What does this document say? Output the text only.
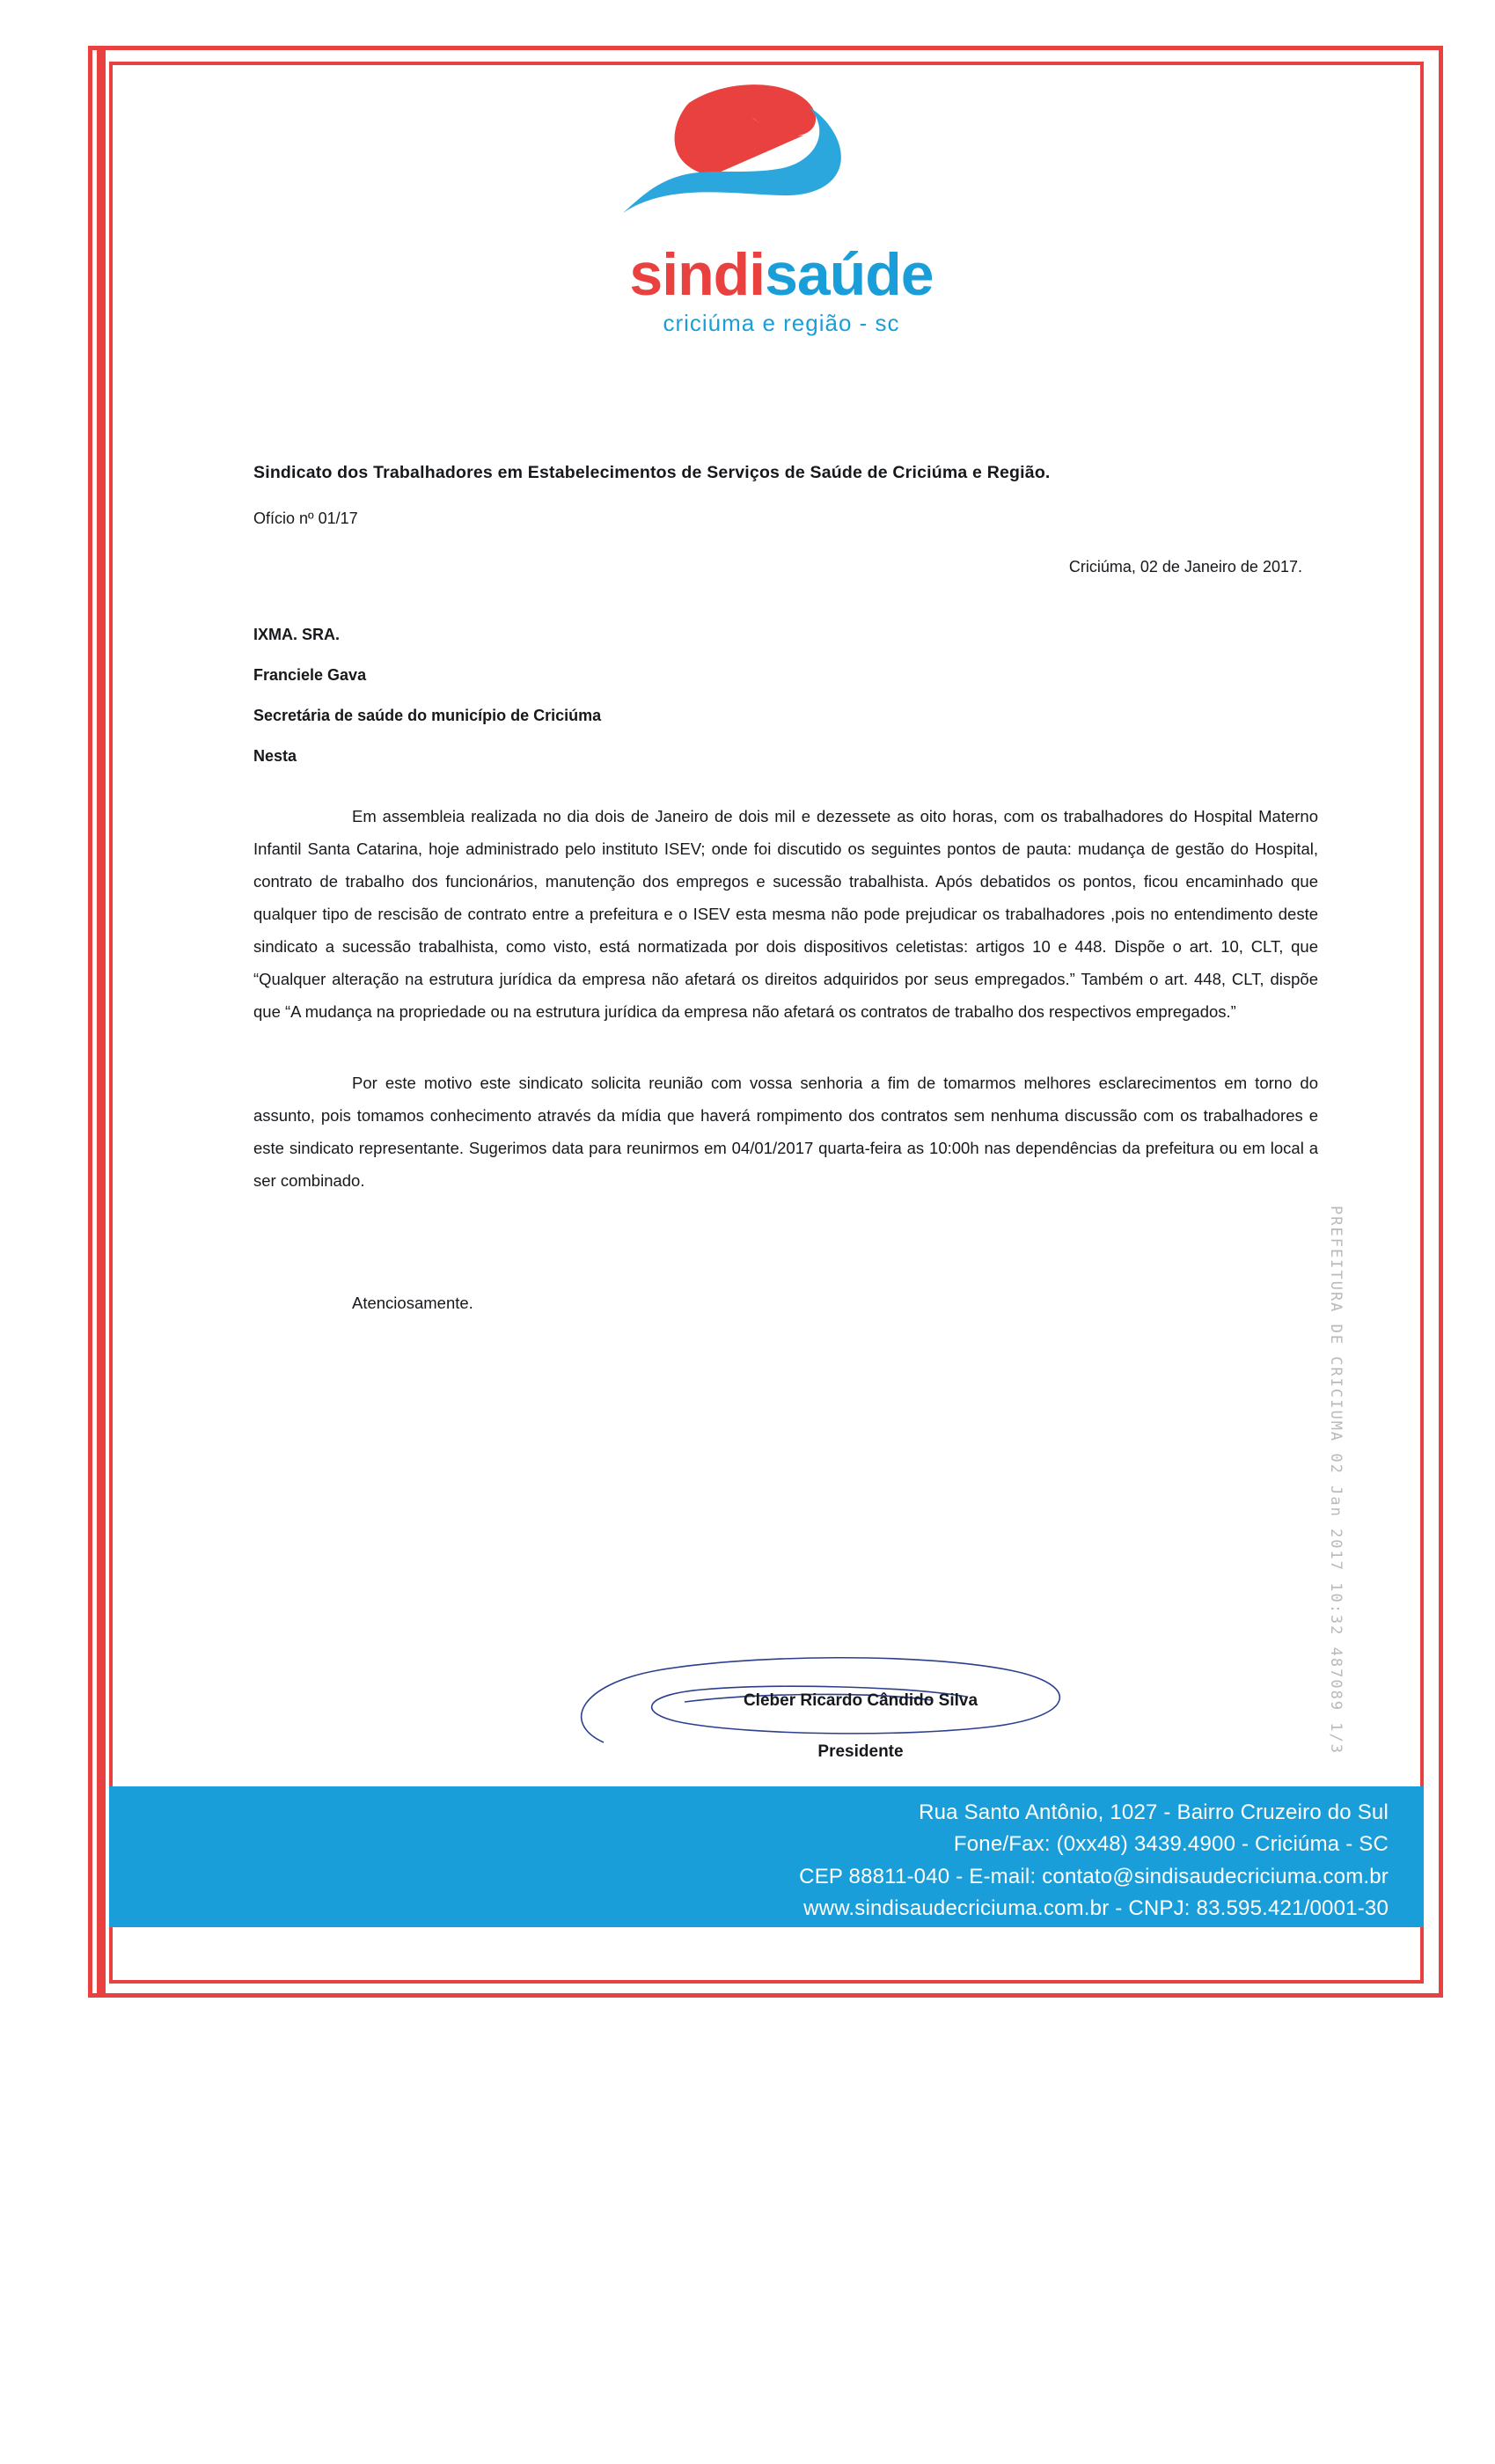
sindisaúde
criciúma e região - sc
Sindicato dos Trabalhadores em Estabelecimentos de Serviços de Saúde de Criciúma e Região.
Ofício nº 01/17
Criciúma, 02 de Janeiro de 2017.
IXMA. SRA.
Franciele Gava
Secretária de saúde do município de Criciúma
Nesta

Em assembleia realizada no dia dois de Janeiro de dois mil e dezessete as oito horas, com os trabalhadores do Hospital Materno Infantil Santa Catarina, hoje administrado pelo instituto ISEV; onde foi discutido os seguintes pontos de pauta: mudança de gestão do Hospital, contrato de trabalho dos funcionários, manutenção dos empregos e sucessão trabalhista. Após debatidos os pontos, ficou encaminhado que qualquer tipo de rescisão de contrato entre a prefeitura e o ISEV esta mesma não pode prejudicar os trabalhadores ,pois no entendimento deste sindicato a sucessão trabalhista, como visto, está normatizada por dois dispositivos celetistas: artigos 10 e 448. Dispõe o art. 10, CLT, que “Qualquer alteração na estrutura jurídica da empresa não afetará os direitos adquiridos por seus empregados.” Também o art. 448, CLT, dispõe que “A mudança na propriedade ou na estrutura jurídica da empresa não afetará os contratos de trabalho dos respectivos empregados.”

Por este motivo este sindicato solicita reunião com vossa senhoria a fim de tomarmos melhores esclarecimentos em torno do assunto, pois tomamos conhecimento através da mídia que haverá rompimento dos contratos sem nenhuma discussão com os trabalhadores e este sindicato representante. Sugerimos data para reunirmos em 04/01/2017 quarta-feira as 10:00h nas dependências da prefeitura ou em local a ser combinado.

Atenciosamente.
Cleber Ricardo Cândido Silva
Presidente
Rua Santo Antônio, 1027 - Bairro Cruzeiro do Sul
Fone/Fax: (0xx48) 3439.4900 - Criciúma - SC
CEP 88811-040 - E-mail: contato@sindisaudecriciuma.com.br
www.sindisaudecriciuma.com.br - CNPJ: 83.595.421/0001-30
PREFEITURA DE CRICIUMA 02 Jan 2017 10:32 487089 1/3
